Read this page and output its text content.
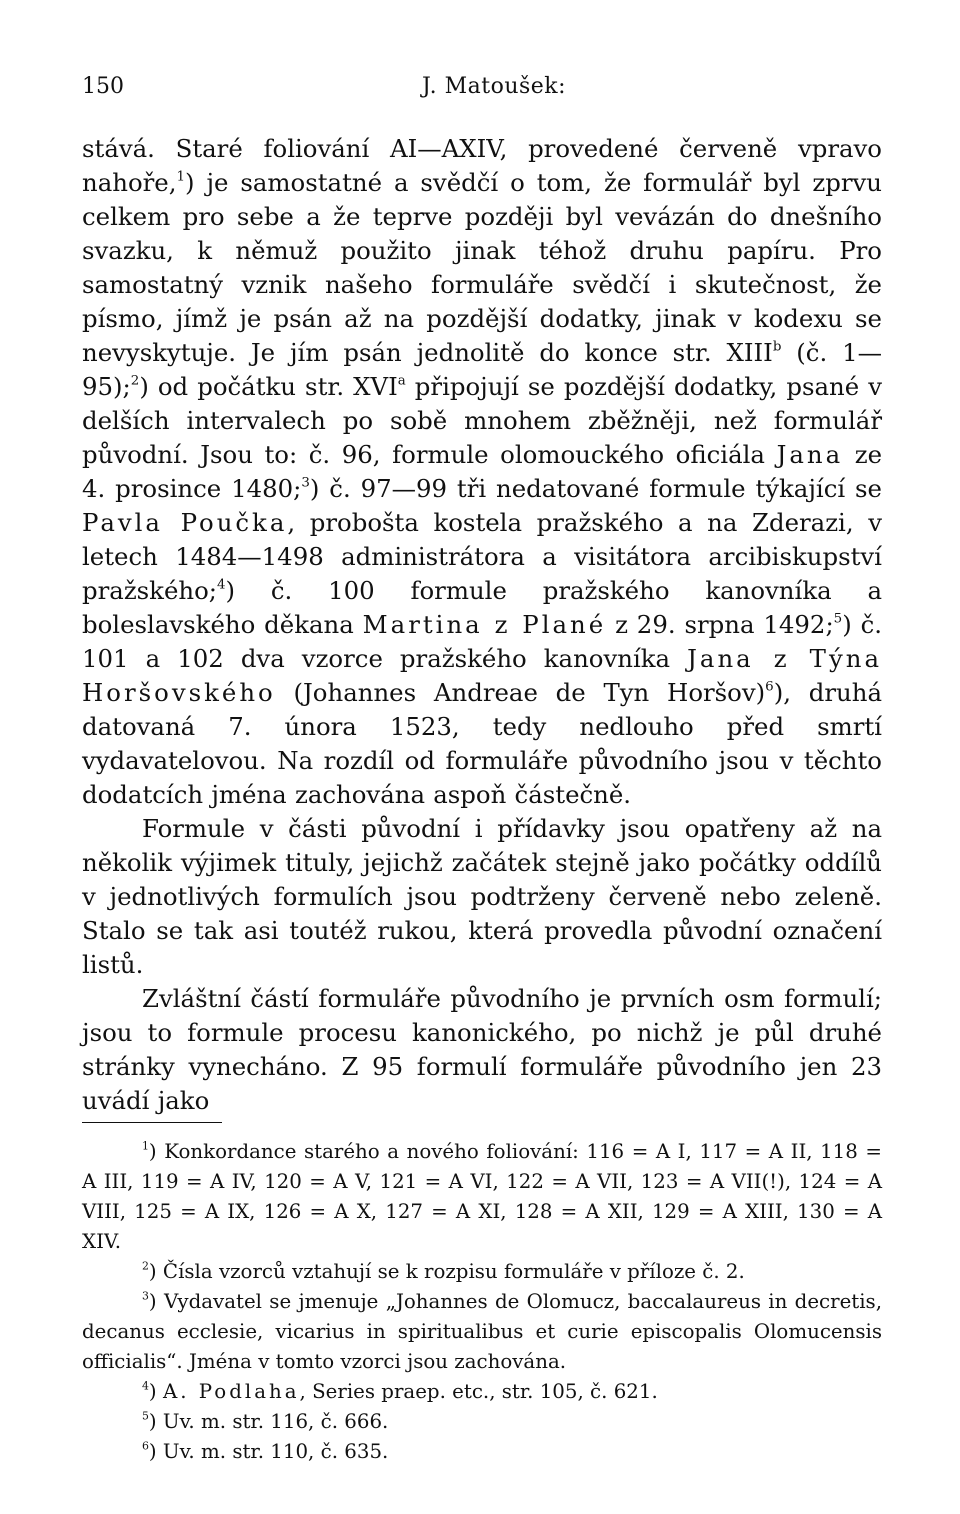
150	J. Matoušek:

stává. Staré foliování AI—AXIV, provedené červeně vpravo nahoře,$^1$) je samostatné a svědčí o tom, že formulář byl zprvu celkem pro sebe a že teprve později byl vevázán do dnešního svazku, k němuž použito jinak téhož druhu papíru. Pro samostatný vznik našeho formuláře svědčí i skutečnost, že písmo, jímž je psán až na pozdější dodatky, jinak v kodexu se nevyskytuje. Je jím psán jednolitě do konce str. XIII$^b$ (č. 1—95);$^2$) od počátku str. XVI$^a$ připojují se pozdější dodatky, psané v delších intervalech po sobě mnohem zběžněji, než formulář původní. Jsou to: č. 96, formule olomouckého oficiála Jana ze 4. prosince 1480;$^3$) č. 97—99 tři nedatované formule týkající se Pavla Poučka, probošta kostela pražského a na Zderazi, v letech 1484—1498 administrátora a visitátora arcibiskupství pražského;$^4$) č. 100 formule pražského kanovníka a boleslavského děkana Martina z Plané z 29. srpna 1492;$^5$) č. 101 a 102 dva vzorce pražského kanovníka Jana z Týna Horšovského (Johannes Andreae de Tyn Horšov)$^6$), druhá datovaná 7. února 1523, tedy nedlouho před smrtí vydavatelovou. Na rozdíl od formuláře původního jsou v těchto dodatcích jména zachována aspoň částečně.

Formule v části původní i přídavky jsou opatřeny až na několik výjimek tituly, jejichž začátek stejně jako počátky oddílů v jednotlivých formulích jsou podtrženy červeně nebo zeleně. Stalo se tak asi toutéž rukou, která provedla původní označení listů.

Zvláštní částí formuláře původního je prvních osm formulí; jsou to formule procesu kanonického, po nichž je půl druhé stránky vynecháno. Z 95 formulí formuláře původního jen 23 uvádí jako

$^1$) Konkordance starého a nového foliování: 116 = A I, 117 = A II, 118 = A III, 119 = A IV, 120 = A V, 121 = A VI, 122 = A VII, 123 = A VII(!), 124 = A VIII, 125 = A IX, 126 = A X, 127 = A XI, 128 = A XII, 129 = A XIII, 130 = A XIV.

$^2$) Čísla vzorců vztahují se k rozpisu formuláře v příloze č. 2.

$^3$) Vydavatel se jmenuje „Johannes de Olomucz, baccalaureus in decretis, decanus ecclesie, vicarius in spiritualibus et curie episcopalis Olomucensis officialis“. Jména v tomto vzorci jsou zachována.

$^4$) A. Podlaha, Series praep. etc., str. 105, č. 621.

$^5$) Uv. m. str. 116, č. 666.

$^6$) Uv. m. str. 110, č. 635.
